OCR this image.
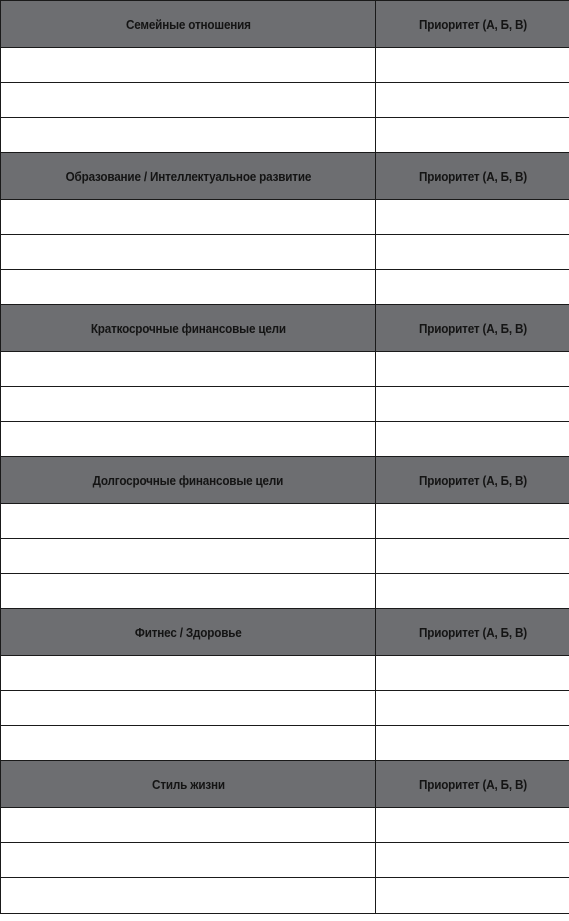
Семейные отношения	Приоритет (А, Б, В)

Образование / Интеллектуальное развитие	Приоритет (А, Б, В)

Краткосрочные финансовые цели	Приоритет (А, Б, В)

Долгосрочные финансовые цели	Приоритет (А, Б, В)

Фитнес / Здоровье	Приоритет (А, Б, В)

Стиль жизни	Приоритет (А, Б, В)
